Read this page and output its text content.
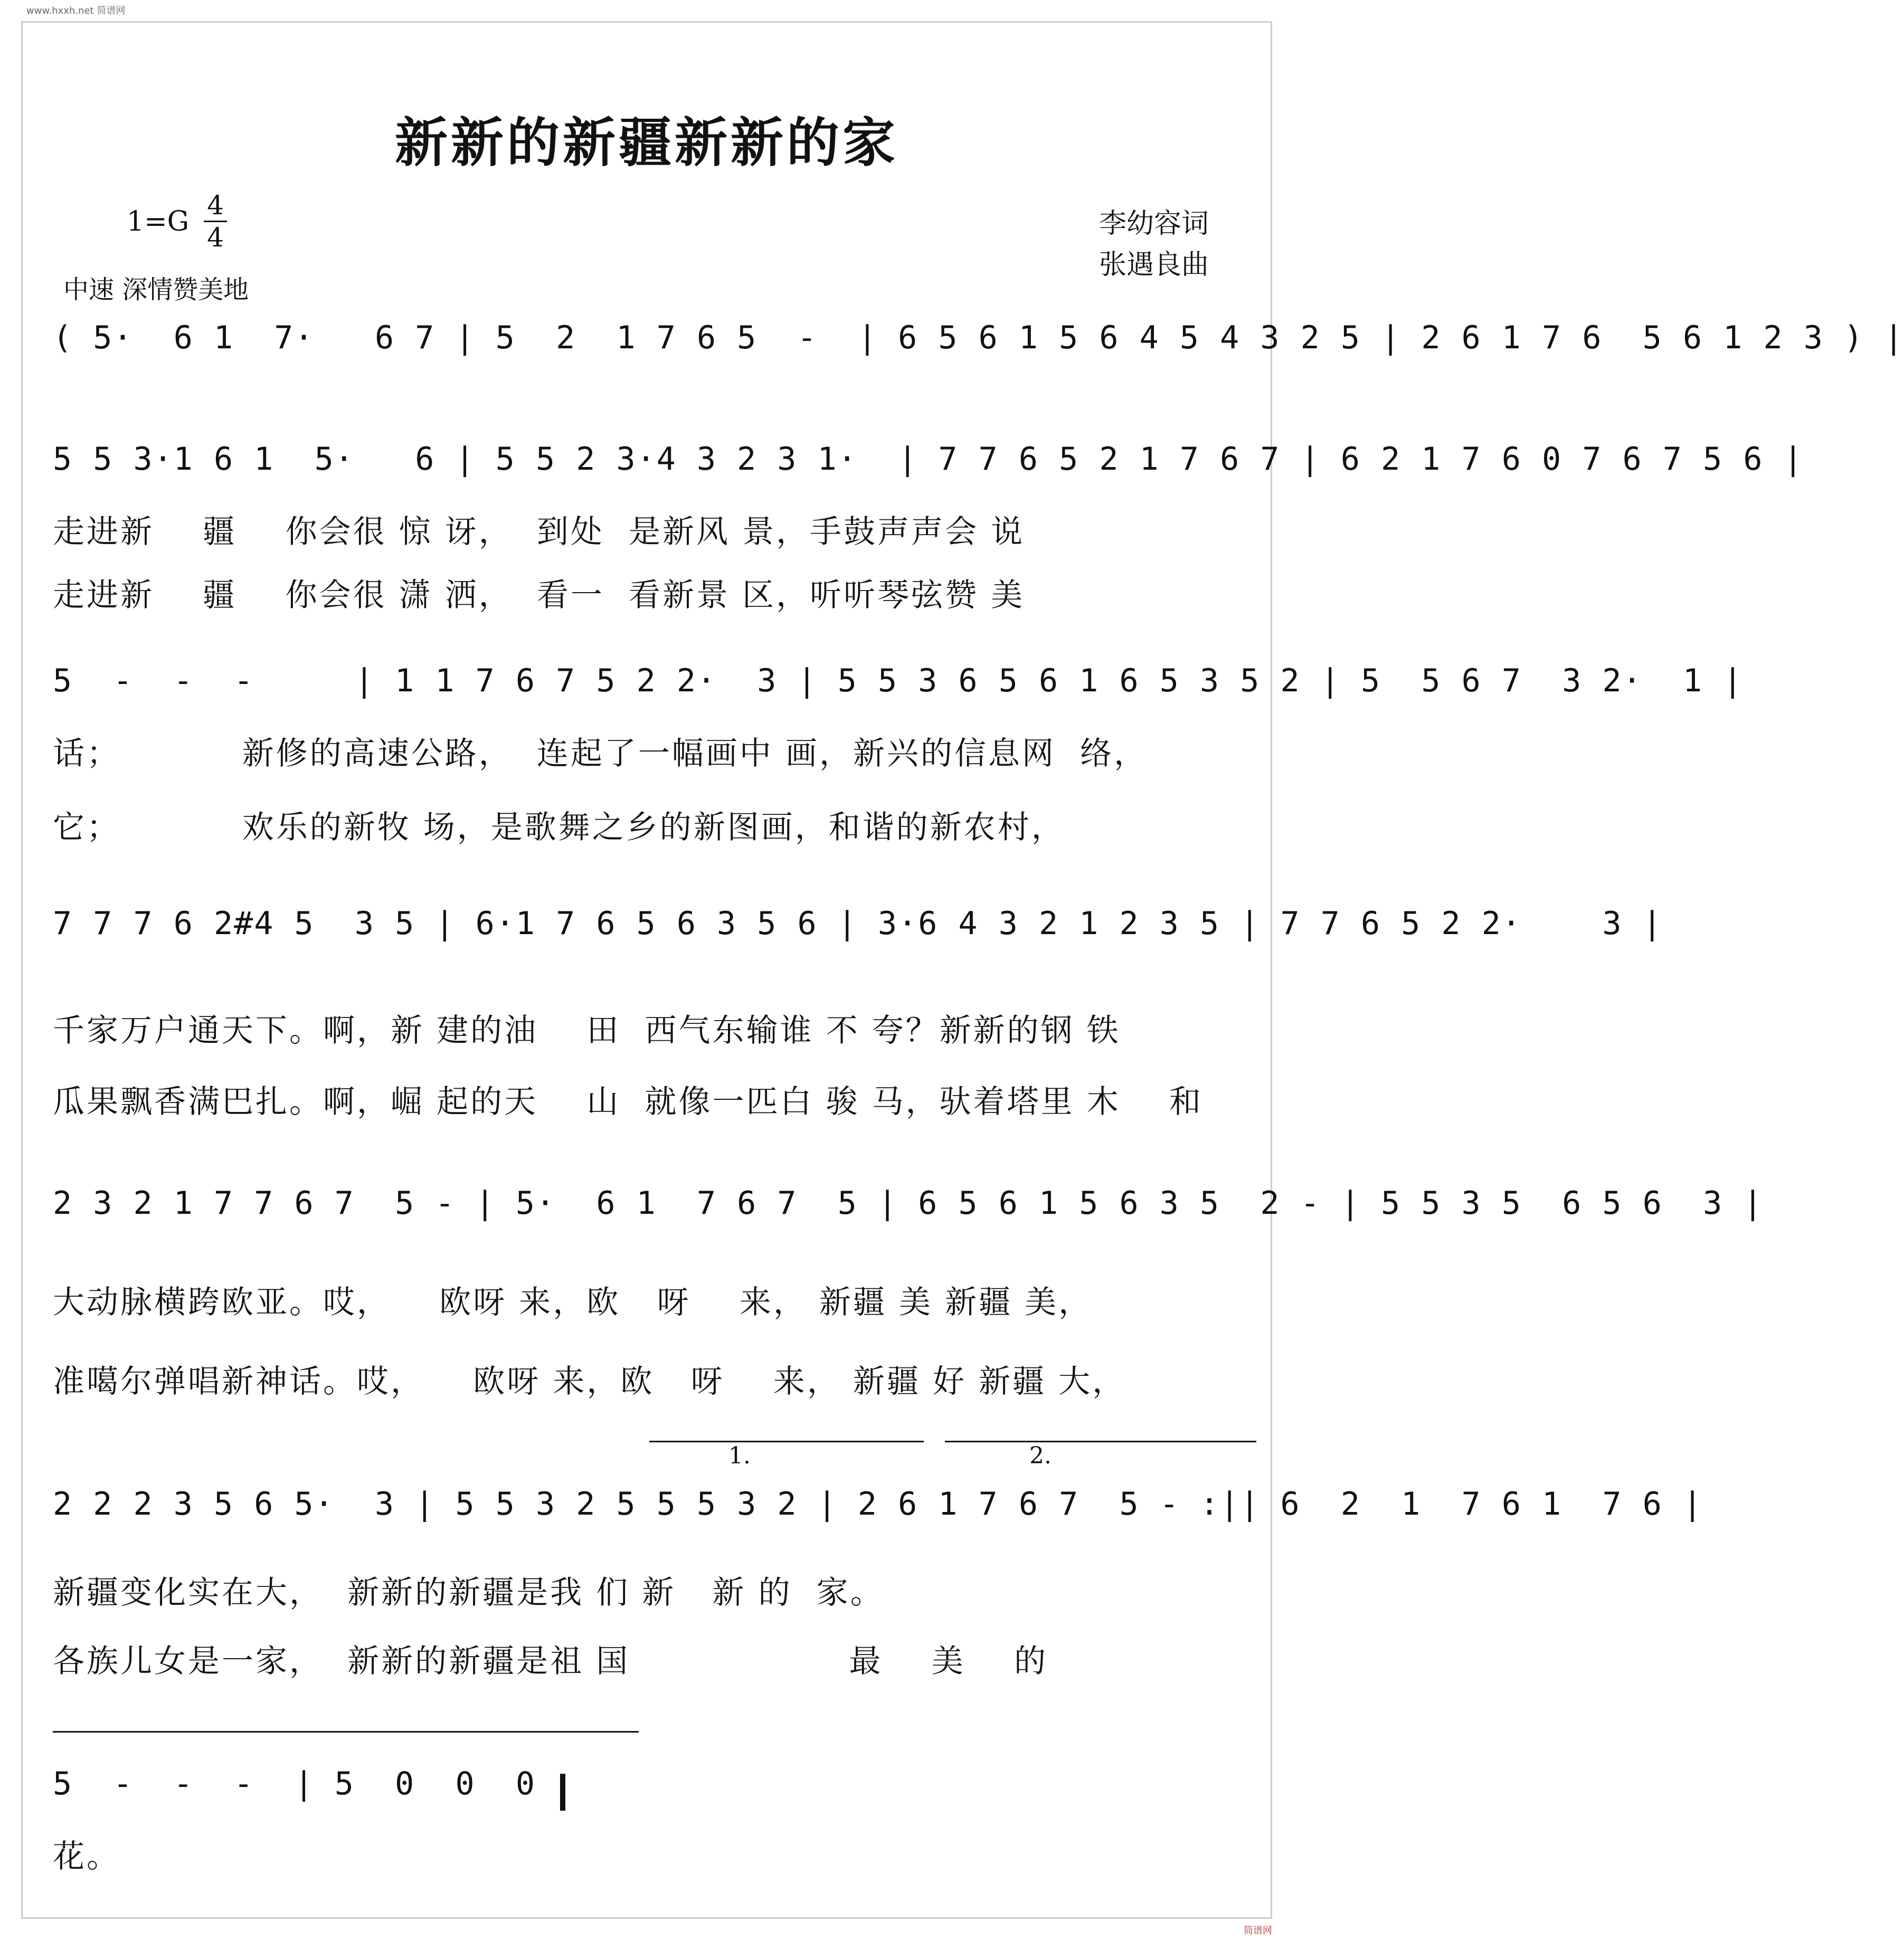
www.hxxh.net 简谱网
简谱网
新新的新疆新新的家
1=G
4
4	李幼容词
张遇良曲
中速 深情赞美地
( 5·  6 1  7·   6 7 | 5  2  1 7 6 5  -  | 6 5 6 1 5 6 4 5 4 3 2 5 | 2 6 1 7 6  5 6 1 2 3 ) |
5 5 3·1 6 1  5·   6 | 5 5 2 3·4 3 2 3 1·  | 7 7 6 5 2 1 7 6 7 | 6 2 1 7 6 0 7 6 7 5 6 |
走进新    疆    你会很 惊 讶，  到处  是新风 景，手鼓声声会 说
走进新    疆    你会很 潇 洒，  看一  看新景 区，听听琴弦赞 美
5  -  -  -     | 1 1 7 6 7 5 2 2·  3 | 5 5 3 6 5 6 1 6 5 3 5 2 | 5  5 6 7  3 2·  1 |
话；          新修的高速公路，  连起了一幅画中 画，新兴的信息网  络，
它；          欢乐的新牧 场，是歌舞之乡的新图画，和谐的新农村，
7 7 7 6 2#4 5  3 5 | 6·1 7 6 5 6 3 5 6 | 3·6 4 3 2 1 2 3 5 | 7 7 6 5 2 2·    3 |
千家万户通天下。啊，新 建的油    田  西气东输谁 不 夸？新新的钢 铁
瓜果飘香满巴扎。啊，崛 起的天    山  就像一匹白 骏 马，驮着塔里 木    和
2 3 2 1 7 7 6 7  5 - | 5·  6 1  7 6 7  5 | 6 5 6 1 5 6 3 5  2 - | 5 5 3 5  6 5 6  3 |
大动脉横跨欧亚。哎，    欧呀 来，欧   呀    来， 新疆 美 新疆 美，
准噶尔弹唱新神话。哎，    欧呀 来，欧   呀    来， 新疆 好 新疆 大，
1.	2.
2 2 2 3 5 6 5·  3 | 5 5 3 2 5 5 5 3 2 | 2 6 1 7 6 7  5 - :|| 6  2  1  7 6 1  7 6 |
新疆变化实在大，  新新的新疆是我 们 新   新 的  家。
各族儿女是一家，  新新的新疆是祖 国                  最    美    的
5  -  -  -  | 5  0  0  0
花。
